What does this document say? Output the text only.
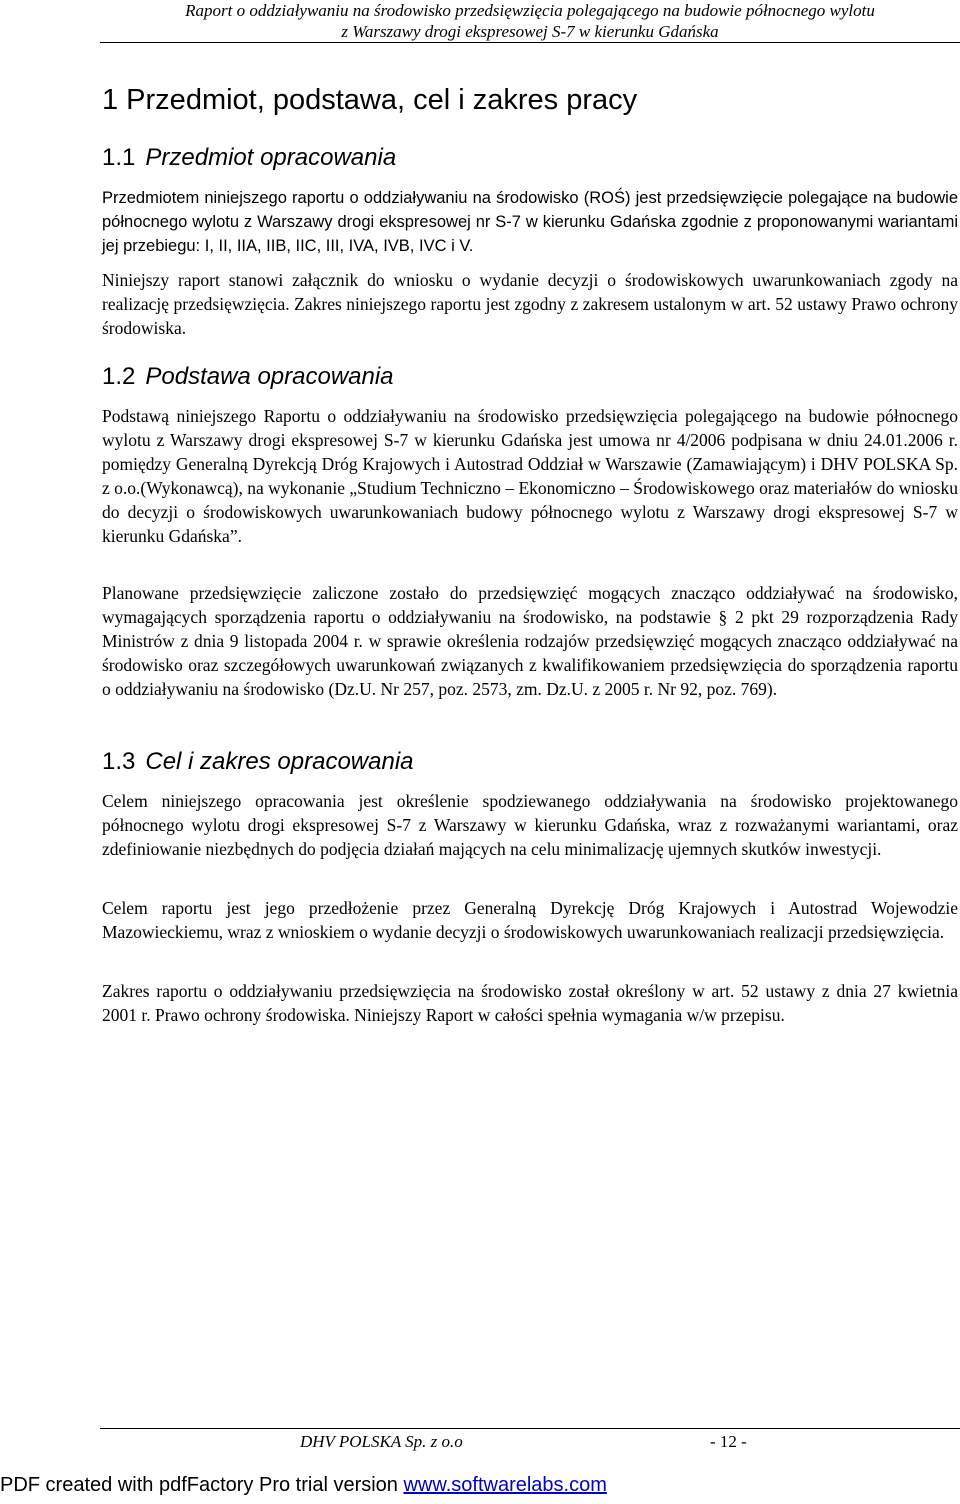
Raport o oddziaływaniu na środowisko przedsięwzięcia polegającego na budowie północnego wylotu
z Warszawy drogi ekspresowej S-7 w kierunku Gdańska
1 Przedmiot, podstawa, cel i zakres pracy
1.1 Przedmiot opracowania

Przedmiotem niniejszego raportu o oddziaływaniu na środowisko (ROŚ) jest przedsięwzięcie polegające na budowie północnego wylotu z Warszawy drogi ekspresowej nr S-7 w kierunku Gdańska zgodnie z proponowanymi wariantami jej przebiegu: I, II, IIA, IIB, IIC, III, IVA, IVB, IVC i V.

Niniejszy raport stanowi załącznik do wniosku o wydanie decyzji o środowiskowych uwarunkowaniach zgody na realizację przedsięwzięcia. Zakres niniejszego raportu jest zgodny z zakresem ustalonym w art. 52 ustawy Prawo ochrony środowiska.

1.2 Podstawa opracowania

Podstawą niniejszego Raportu o oddziaływaniu na środowisko przedsięwzięcia polegającego na budowie północnego wylotu z Warszawy drogi ekspresowej S-7 w kierunku Gdańska jest umowa nr 4/2006 podpisana w dniu 24.01.2006 r. pomiędzy Generalną Dyrekcją Dróg Krajowych i Autostrad Oddział w Warszawie (Zamawiającym) i DHV POLSKA Sp. z o.o.(Wykonawcą), na wykonanie „Studium Techniczno – Ekonomiczno – Środowiskowego oraz materiałów do wniosku do decyzji o środowiskowych uwarunkowaniach budowy północnego wylotu z Warszawy drogi ekspresowej S-7 w kierunku Gdańska”.

Planowane przedsięwzięcie zaliczone zostało do przedsięwzięć mogących znacząco oddziaływać na środowisko, wymagających sporządzenia raportu o oddziaływaniu na środowisko, na podstawie § 2 pkt 29 rozporządzenia Rady Ministrów z dnia 9 listopada 2004 r. w sprawie określenia rodzajów przedsięwzięć mogących znacząco oddziaływać na środowisko oraz szczegółowych uwarunkowań związanych z kwalifikowaniem przedsięwzięcia do sporządzenia raportu o oddziaływaniu na środowisko (Dz.U. Nr 257, poz. 2573, zm. Dz.U. z 2005 r. Nr 92, poz. 769).

1.3 Cel i zakres opracowania

Celem niniejszego opracowania jest określenie spodziewanego oddziaływania na środowisko projektowanego północnego wylotu drogi ekspresowej S-7 z Warszawy w kierunku Gdańska, wraz z rozważanymi wariantami, oraz zdefiniowanie niezbędnych do podjęcia działań mających na celu minimalizację ujemnych skutków inwestycji.

Celem raportu jest jego przedłożenie przez Generalną Dyrekcję Dróg Krajowych i Autostrad Wojewodzie Mazowieckiemu, wraz z wnioskiem o wydanie decyzji o środowiskowych uwarunkowaniach realizacji przedsięwzięcia.

Zakres raportu o oddziaływaniu przedsięwzięcia na środowisko został określony w art. 52 ustawy z dnia 27 kwietnia 2001 r. Prawo ochrony środowiska. Niniejszy Raport w całości spełnia wymagania w/w przepisu.

DHV POLSKA Sp. z o.o	- 12 -
PDF created with pdfFactory Pro trial version www.softwarelabs.com
